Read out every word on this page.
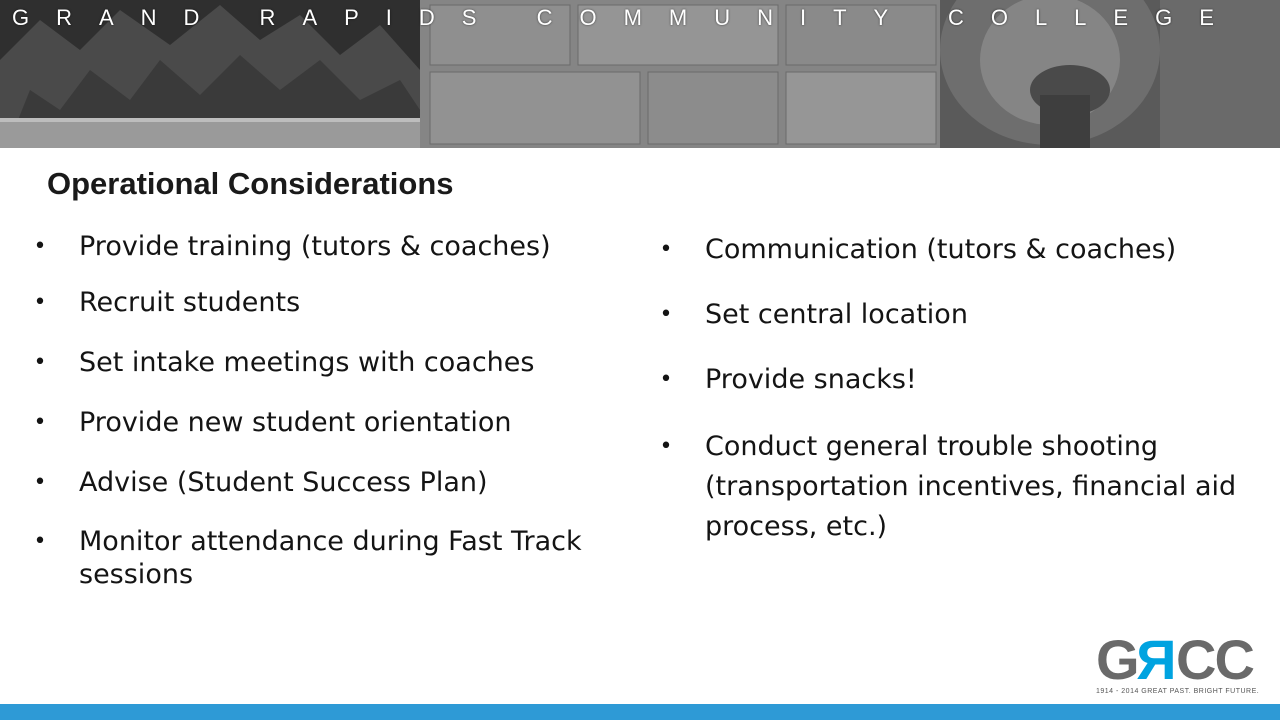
GRAND RAPIDS COMMUNITY COLLEGE
Operational Considerations
• Provide training (tutors & coaches)
• Recruit students
• Set intake meetings with coaches
• Provide new student orientation
• Advise (Student Success Plan)
• Monitor attendance during Fast Track sessions
• Communication (tutors & coaches)
• Set central location
• Provide snacks!
• Conduct general trouble shooting (transportation incentives, financial aid process, etc.)
GRCC
1914 - 2014 GREAT PAST. BRIGHT FUTURE.
